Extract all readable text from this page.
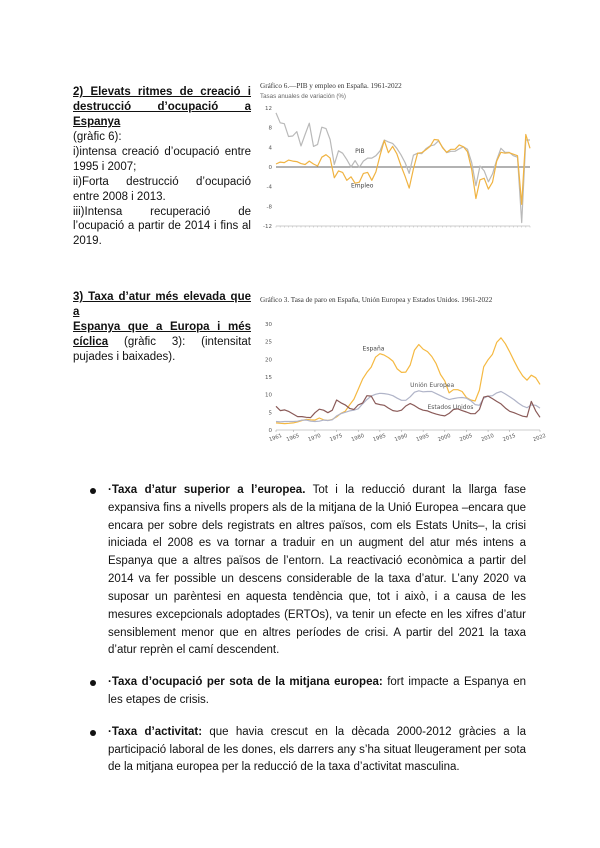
2) Elevats ritmes de creació i
destrucció d’ocupació a Espanya

(gràfic 6):

i)intensa creació d’ocupació entre 1995 i 2007;

ii)Forta destrucció d’ocupació entre 2008 i 2013.

iii)Intensa recuperació de l’ocupació a partir de 2014 i fins al 2019.

Gráfico 6.—PIB y empleo en España. 1961-2022
Tasas anuales de variación (%)
12
8
4
0
-4
-8
-12
PIB
Empleo
3) Taxa d’atur més elevada que a
Espanya que a Europa i més

cíclica (gràfic 3): (intensitat pujades i baixades).

Gráfico 3. Tasa de paro en España, Unión Europea y Estados Unidos. 1961-2022
0
5
10
15
20
25
30
1961 1965 1970 1975 1980 1985 1990 1995 2000 2005 2010 2015	2022
España
Unión Europea
Estados Unidos
·Taxa d’atur superior a l’europea. Tot i la reducció durant la llarga fase expansiva fins a nivells propers als de la mitjana de la Unió Europea –encara que encara per sobre dels registrats en altres països, com els Estats Units–, la crisi iniciada el 2008 es va tornar a traduir en un augment del atur més intens a Espanya que a altres països de l’entorn. La reactivació econòmica a partir del 2014 va fer possible un descens considerable de la taxa d’atur. L’any 2020 va suposar un parèntesi en aquesta tendència que, tot i això, i a causa de les mesures excepcionals adoptades (ERTOs), va tenir un efecte en les xifres d’atur sensiblement menor que en altres períodes de crisi. A partir del 2021 la taxa d’atur reprèn el camí descendent.
·Taxa d’ocupació per sota de la mitjana europea: fort impacte a Espanya en les etapes de crisis.
·Taxa d’activitat: que havia crescut en la dècada 2000-2012 gràcies a la participació laboral de les dones, els darrers any s’ha situat lleugerament per sota de la mitjana europea per la reducció de la taxa d’activitat masculina.
